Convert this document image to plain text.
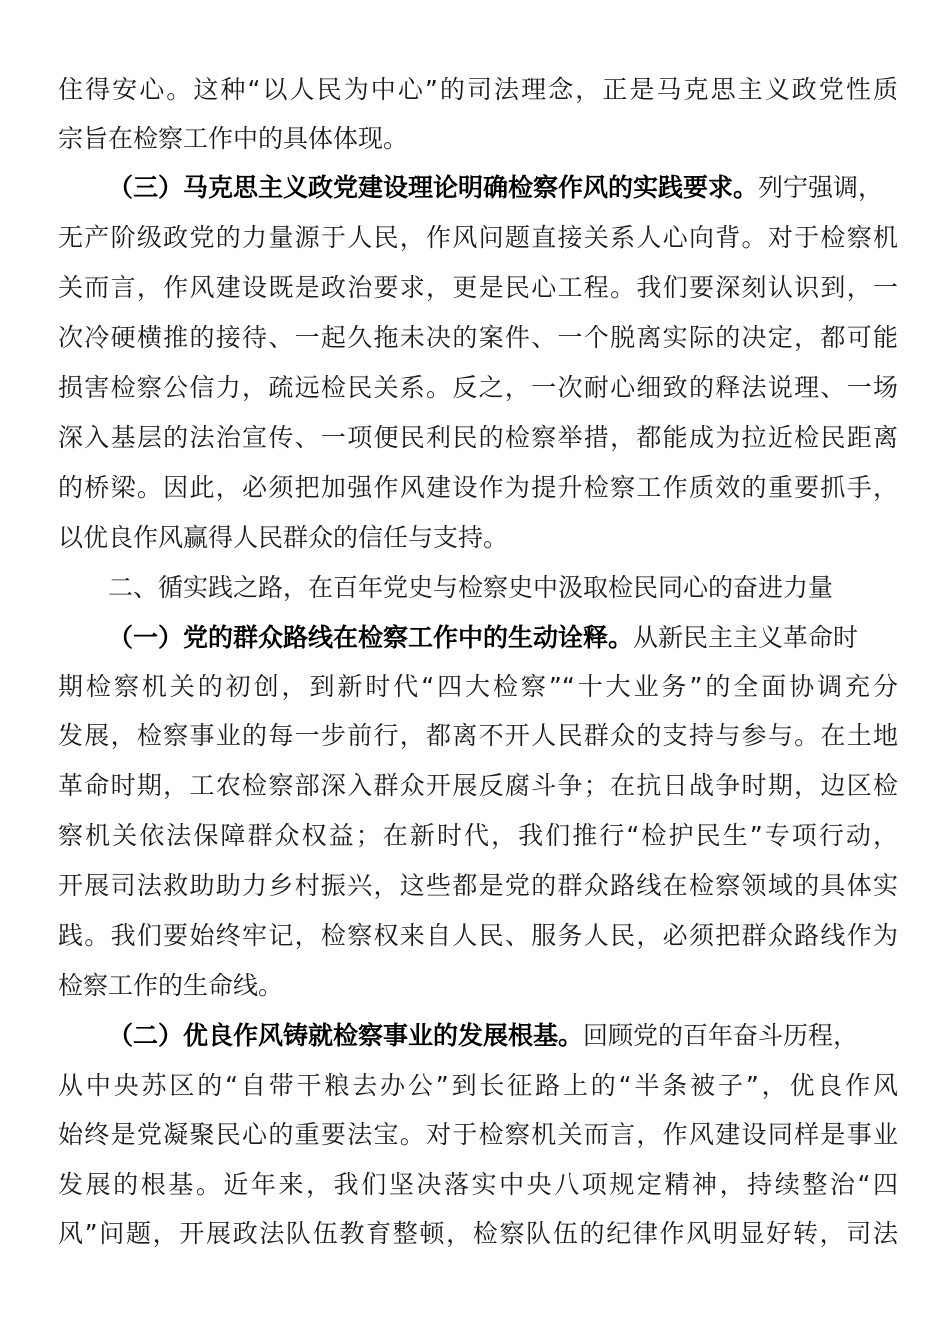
住得安心。这种“以人民为中心”的司法理念，正是马克思主义政党性质
宗旨在检察工作中的具体体现。
（三）马克思主义政党建设理论明确检察作风的实践要求。列宁强调，
无产阶级政党的力量源于人民，作风问题直接关系人心向背。对于检察机
关而言，作风建设既是政治要求，更是民心工程。我们要深刻认识到，一
次冷硬横推的接待、一起久拖未决的案件、一个脱离实际的决定，都可能
损害检察公信力，疏远检民关系。反之，一次耐心细致的释法说理、一场
深入基层的法治宣传、一项便民利民的检察举措，都能成为拉近检民距离
的桥梁。因此，必须把加强作风建设作为提升检察工作质效的重要抓手，
以优良作风赢得人民群众的信任与支持。
二、循实践之路，在百年党史与检察史中汲取检民同心的奋进力量
（一）党的群众路线在检察工作中的生动诠释。从新民主主义革命时
期检察机关的初创，到新时代“四大检察”“十大业务”的全面协调充分
发展，检察事业的每一步前行，都离不开人民群众的支持与参与。在土地
革命时期，工农检察部深入群众开展反腐斗争；在抗日战争时期，边区检
察机关依法保障群众权益；在新时代，我们推行“检护民生”专项行动，
开展司法救助助力乡村振兴，这些都是党的群众路线在检察领域的具体实
践。我们要始终牢记，检察权来自人民、服务人民，必须把群众路线作为
检察工作的生命线。
（二）优良作风铸就检察事业的发展根基。回顾党的百年奋斗历程，
从中央苏区的“自带干粮去办公”到长征路上的“半条被子”，优良作风
始终是党凝聚民心的重要法宝。对于检察机关而言，作风建设同样是事业
发展的根基。近年来，我们坚决落实中央八项规定精神，持续整治“四
风”问题，开展政法队伍教育整顿，检察队伍的纪律作风明显好转，司法
